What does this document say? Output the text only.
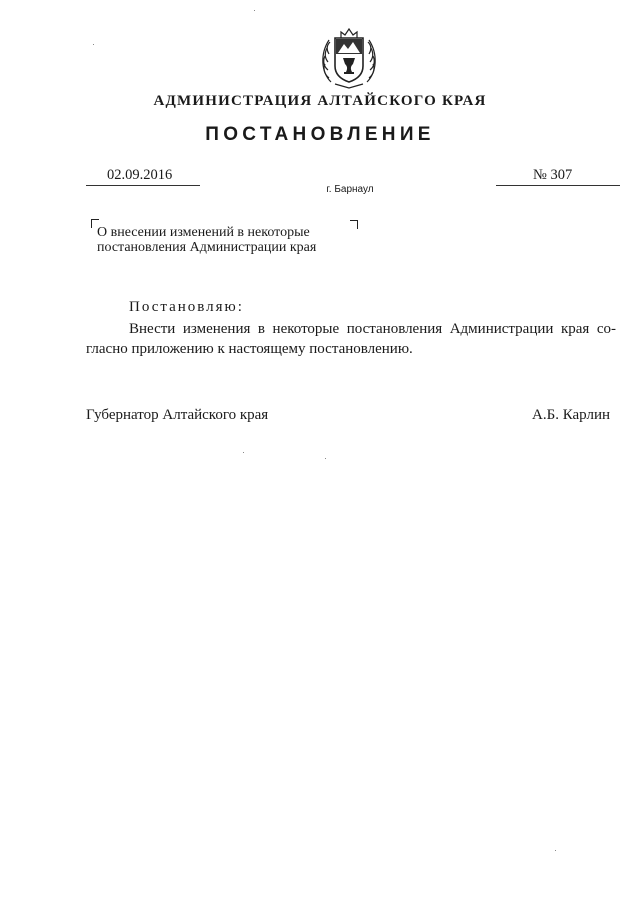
АДМИНИСТРАЦИЯ АЛТАЙСКОГО КРАЯ
ПОСТАНОВЛЕНИЕ
02.09.2016	№ 307
г. Барнаул
О внесении изменений в некоторые
постановления Администрации края
Постановляю:
Внести изменения в некоторые постановления Администрации края со-гласно приложению к настоящему постановлению.
Губернатор Алтайского края	А.Б. Карлин
